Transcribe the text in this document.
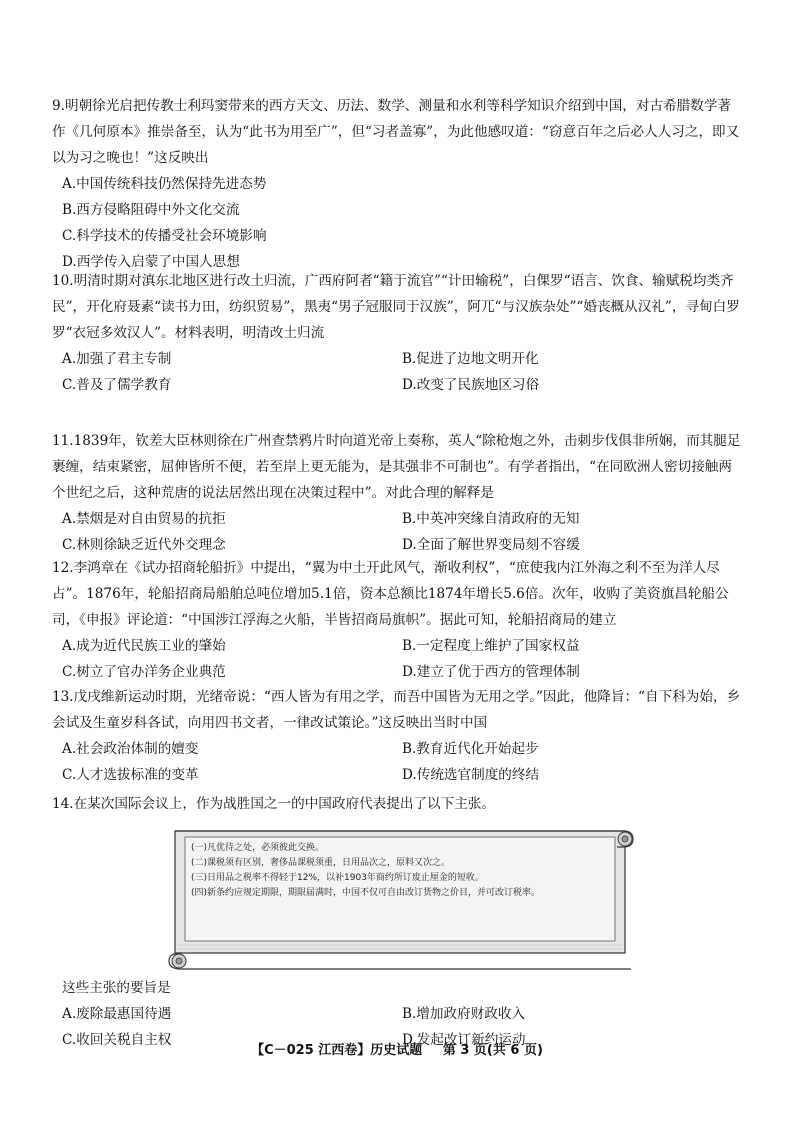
9.明朝徐光启把传教士利玛窦带来的西方天文、历法、数学、测量和水利等科学知识介绍到中国，对古希腊数学著作《几何原本》推崇备至，认为“此书为用至广”，但“习者盖寡”，为此他感叹道：“窃意百年之后必人人习之，即又以为习之晚也！”这反映出
A.中国传统科技仍然保持先进态势
B.西方侵略阻碍中外文化交流
C.科学技术的传播受社会环境影响
D.西学传入启蒙了中国人思想
10.明清时期对滇东北地区进行改土归流，广西府阿者“籍于流官”“计田输税”，白倮罗“语言、饮食、输赋税均类齐民”，开化府聂素“读书力田，纺织贸易”，黑夷“男子冠服同于汉族”，阿兀“与汉族杂处”“婚丧概从汉礼”，寻甸白罗罗“衣冠多效汉人”。材料表明，明清改土归流
A.加强了君主专制	B.促进了边地文明开化
C.普及了儒学教育	D.改变了民族地区习俗
11.1839年，钦差大臣林则徐在广州查禁鸦片时向道光帝上奏称，英人“除枪炮之外，击刺步伐俱非所娴，而其腿足裹缠，结束紧密，屈伸皆所不便，若至岸上更无能为，是其强非不可制也”。有学者指出，“在同欧洲人密切接触两个世纪之后，这种荒唐的说法居然出现在决策过程中”。对此合理的解释是
A.禁烟是对自由贸易的抗拒	B.中英冲突缘自清政府的无知
C.林则徐缺乏近代外交理念	D.全面了解世界变局刻不容缓
12.李鸿章在《试办招商轮船折》中提出，“翼为中土开此风气，渐收利权”，“庶使我内江外海之利不至为洋人尽占”。1876年，轮船招商局船舶总吨位增加5.1倍，资本总额比1874年增长5.6倍。次年，收购了美资旗昌轮船公司，《申报》评论道：“中国涉江浮海之火船，半皆招商局旗帜”。据此可知，轮船招商局的建立
A.成为近代民族工业的肇始	B.一定程度上维护了国家权益
C.树立了官办洋务企业典范	D.建立了优于西方的管理体制
13.戊戌维新运动时期，光绪帝说：“西人皆为有用之学，而吾中国皆为无用之学。”因此，他降旨：“自下科为始，乡会试及生童岁科各试，向用四书文者，一律改试策论。”这反映出当时中国
A.社会政治体制的嬗变	B.教育近代化开始起步
C.人才选拔标准的变革	D.传统选官制度的终结
14.在某次国际会议上，作为战胜国之一的中国政府代表提出了以下主张。
(一)凡优待之处，必须彼此交换。
(二)课税须有区别，奢侈品课税须重，日用品次之，原料又次之。
(三)日用品之税率不得轻于12%，以补1903年商约所订废止厘金的短收。
(四)新条约应规定期限，期限届满时，中国不仅可自由改订货物之价目，并可改订税率。
这些主张的要旨是
A.废除最惠国待遇	B.增加政府财政收入
C.收回关税自主权	D.发起改订新约运动
【C－025 江西卷】历史试题 第 3 页(共 6 页)
